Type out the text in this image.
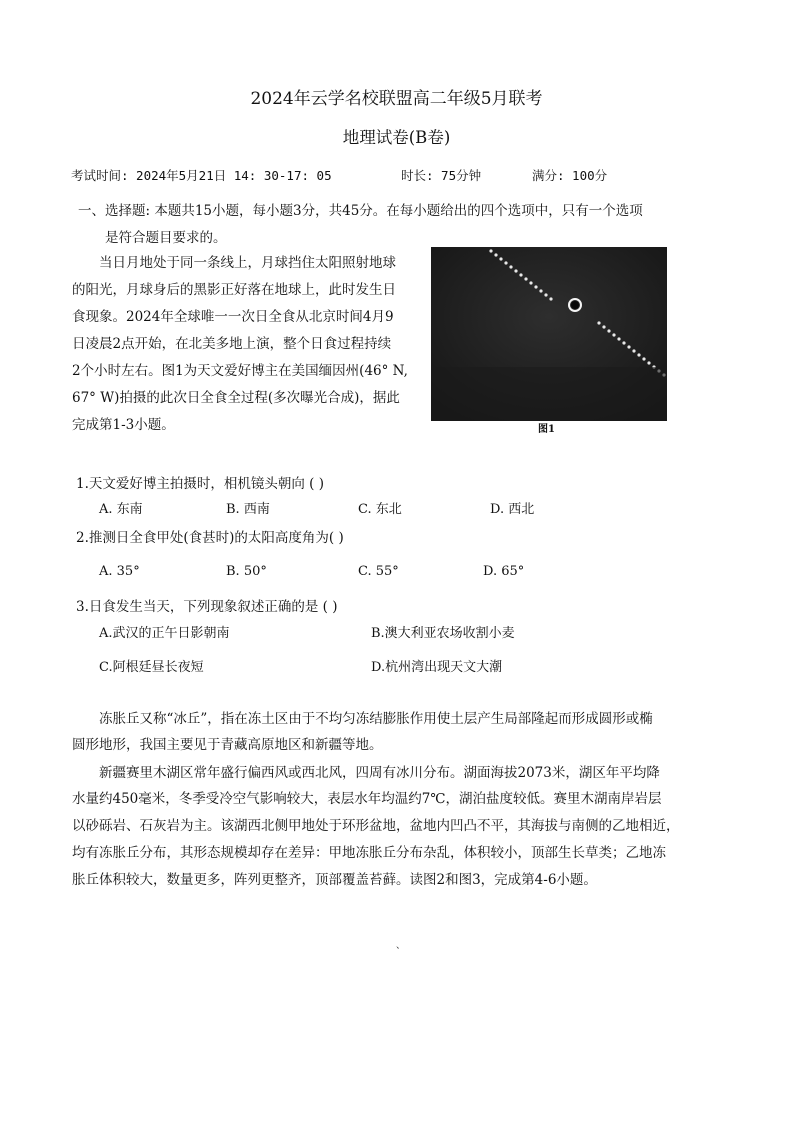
2024年云学名校联盟高二年级5月联考
地理试卷(B卷)
考试时间: 2024年5月21日 14: 30-17: 05	时长: 75分钟	满分: 100分
一、选择题: 本题共15小题，每小题3分，共45分。在每小题给出的四个选项中，只有一个选项
是符合题目要求的。
当日月地处于同一条线上，月球挡住太阳照射地球
的阳光，月球身后的黑影正好落在地球上，此时发生日
食现象。2024年全球唯一一次日全食从北京时间4月9
日凌晨2点开始，在北美多地上演，整个日食过程持续
2个小时左右。图1为天文爱好博主在美国缅因州(46° N,
67° W)拍摄的此次日全食全过程(多次曝光合成)，据此
完成第1-3小题。	图1
1.天文爱好博主拍摄时，相机镜头朝向 ( )
A. 东南	B. 西南	C. 东北	D. 西北
2.推测日全食甲处(食甚时)的太阳高度角为( )
A. 35°	B. 50°	C. 55°	D. 65°
3.日食发生当天，下列现象叙述正确的是 ( )
A.武汉的正午日影朝南	B.澳大利亚农场收割小麦
C.阿根廷昼长夜短	D.杭州湾出现天文大潮
冻胀丘又称“冰丘”，指在冻土区由于不均匀冻结膨胀作用使土层产生局部隆起而形成圆形或椭
圆形地形，我国主要见于青藏高原地区和新疆等地。
新疆赛里木湖区常年盛行偏西风或西北风，四周有冰川分布。湖面海拔2073米，湖区年平均降
水量约450毫米，冬季受冷空气影响较大，表层水年均温约7℃，湖泊盐度较低。赛里木湖南岸岩层
以砂砾岩、石灰岩为主。该湖西北侧甲地处于环形盆地，盆地内凹凸不平，其海拔与南侧的乙地相近，
均有冻胀丘分布，其形态规模却存在差异：甲地冻胀丘分布杂乱，体积较小，顶部生长草类；乙地冻
胀丘体积较大，数量更多，阵列更整齐，顶部覆盖苔藓。读图2和图3，完成第4-6小题。
、
